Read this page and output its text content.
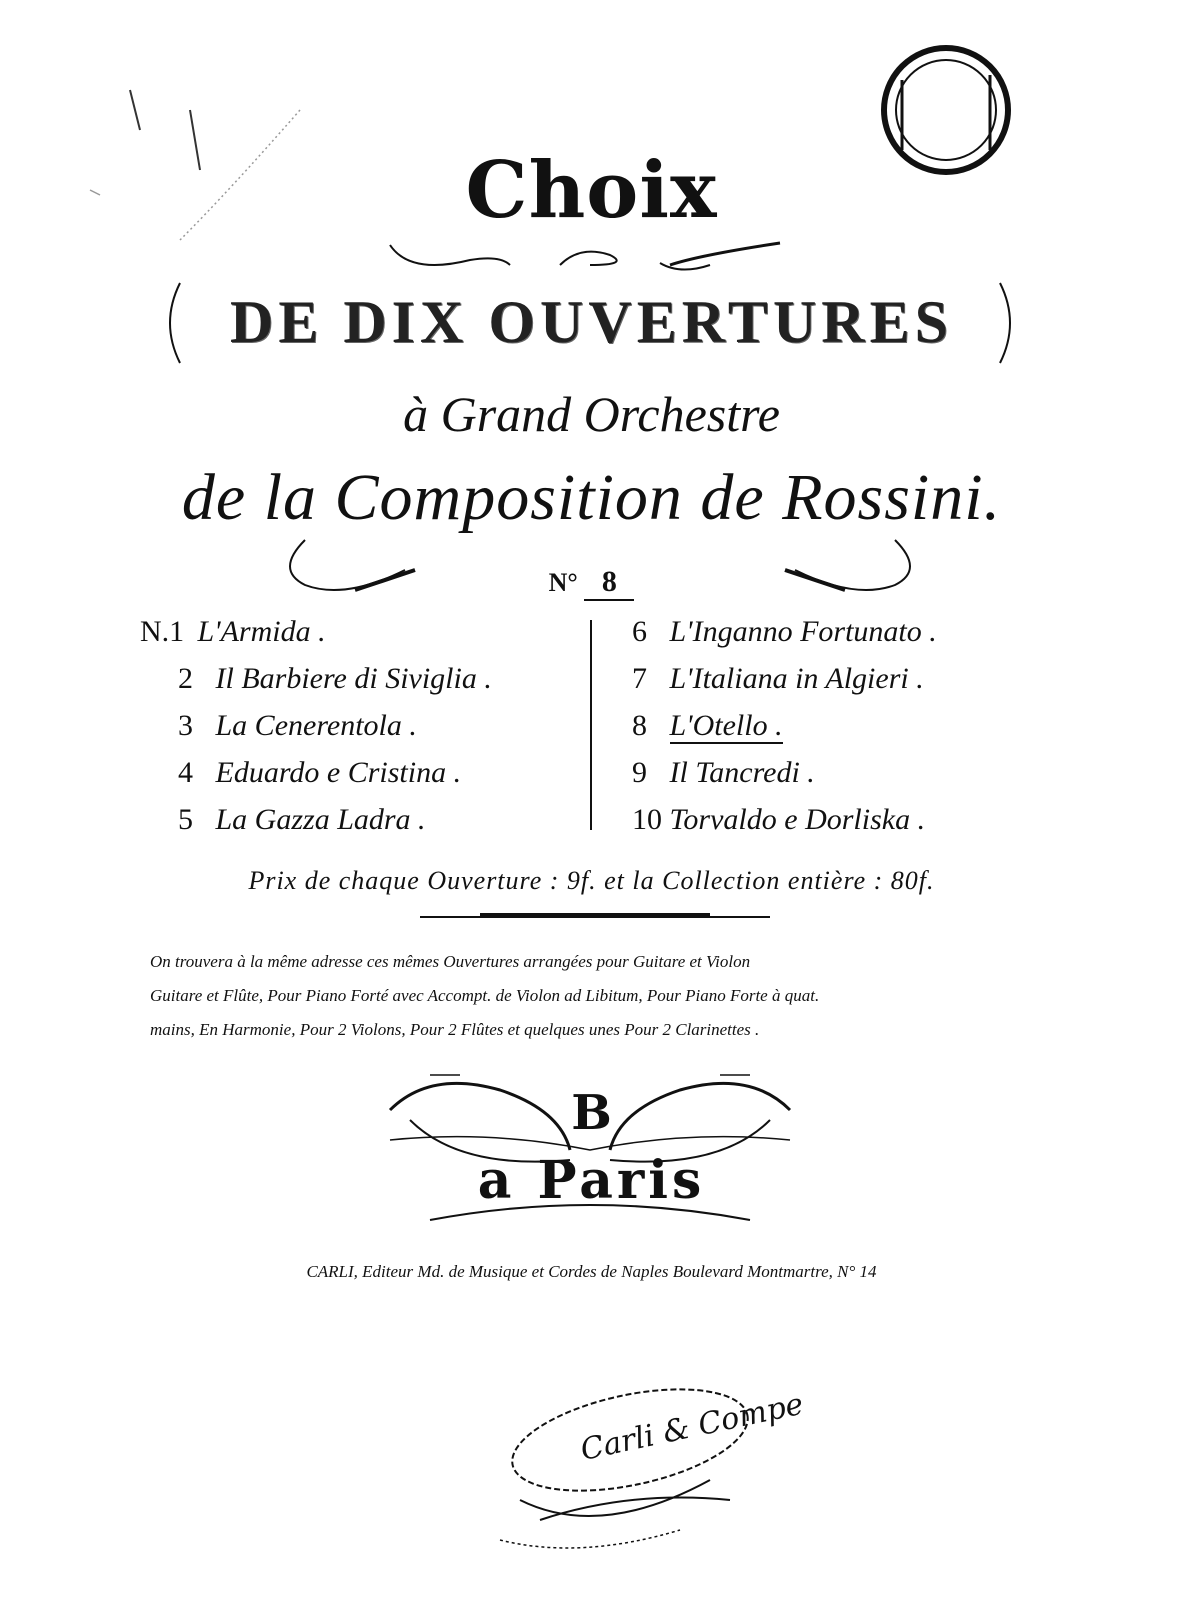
Choix
DE DIX OUVERTURES
à Grand Orchestre
de la Composition de Rossini.
N° 8
N.1 L'Armida .
2 Il Barbiere di Siviglia .
3 La Cenerentola .
4 Eduardo e Cristina .
5 La Gazza Ladra .
6 L'Inganno Fortunato .
7 L'Italiana in Algieri .
8 L'Otello .
9 Il Tancredi .
10 Torvaldo e Dorliska .
Prix de chaque Ouverture : 9f. et la Collection entière : 80f.
On trouvera à la même adresse ces mêmes Ouvertures arrangées pour Guitare et Violon
Guitare et Flûte, Pour Piano Forté avec Accompt. de Violon ad Libitum, Pour Piano Forte à quat.
mains, En Harmonie, Pour 2 Violons, Pour 2 Flûtes et quelques unes Pour 2 Clarinettes .
B
a Paris
CARLI, Editeur Md. de Musique et Cordes de Naples Boulevard Montmartre, N° 14
Carli & Compe
